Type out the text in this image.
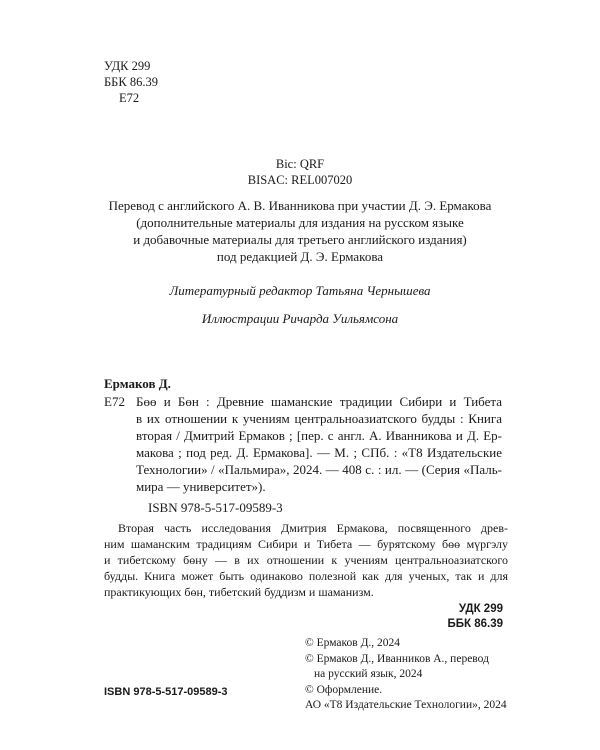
УДК 299
ББК 86.39
Е72
Bic: QRF
BISAC: REL007020
Перевод с английского А. В. Иванникова при участии Д. Э. Ермакова
(дополнительные материалы для издания на русском языке
и добавочные материалы для третьего английского издания)
под редакцией Д. Э. Ермакова
Литературный редактор Татьяна Чернышева
Иллюстрации Ричарда Уильямсона
Ермаков Д.
Е72 Бөө и Бөн : Древние шаманские традиции Сибири и Тибета

в их отношении к учениям центральноазиатского будды : Книга

вторая / Дмитрий Ермаков ; [пер. с англ. А. Иванникова и Д. Ер-

макова ; под ред. Д. Ермакова]. — М. ; СПб. : «Т8 Издательские

Технологии» / «Пальмира», 2024. — 408 с. : ил. — (Серия «Паль-

мира — университет»).

ISBN 978-5-517-09589-3
Вторая часть исследования Дмитрия Ермакова, посвященного древ-
ним шаманским традициям Сибири и Тибета — бурятскому бөө мүргэлу
и тибетскому бөну — в их отношении к учениям центральноазиатского
будды. Книга может быть одинаково полезной как для ученых, так и для
практикующих бөн, тибетский буддизм и шаманизм.
УДК 299
ББК 86.39
© Ермаков Д., 2024
© Ермаков Д., Иванников А., перевод
на русский язык, 2024
© Оформление.
АО «Т8 Издательские Технологии», 2024
ISBN 978-5-517-09589-3
